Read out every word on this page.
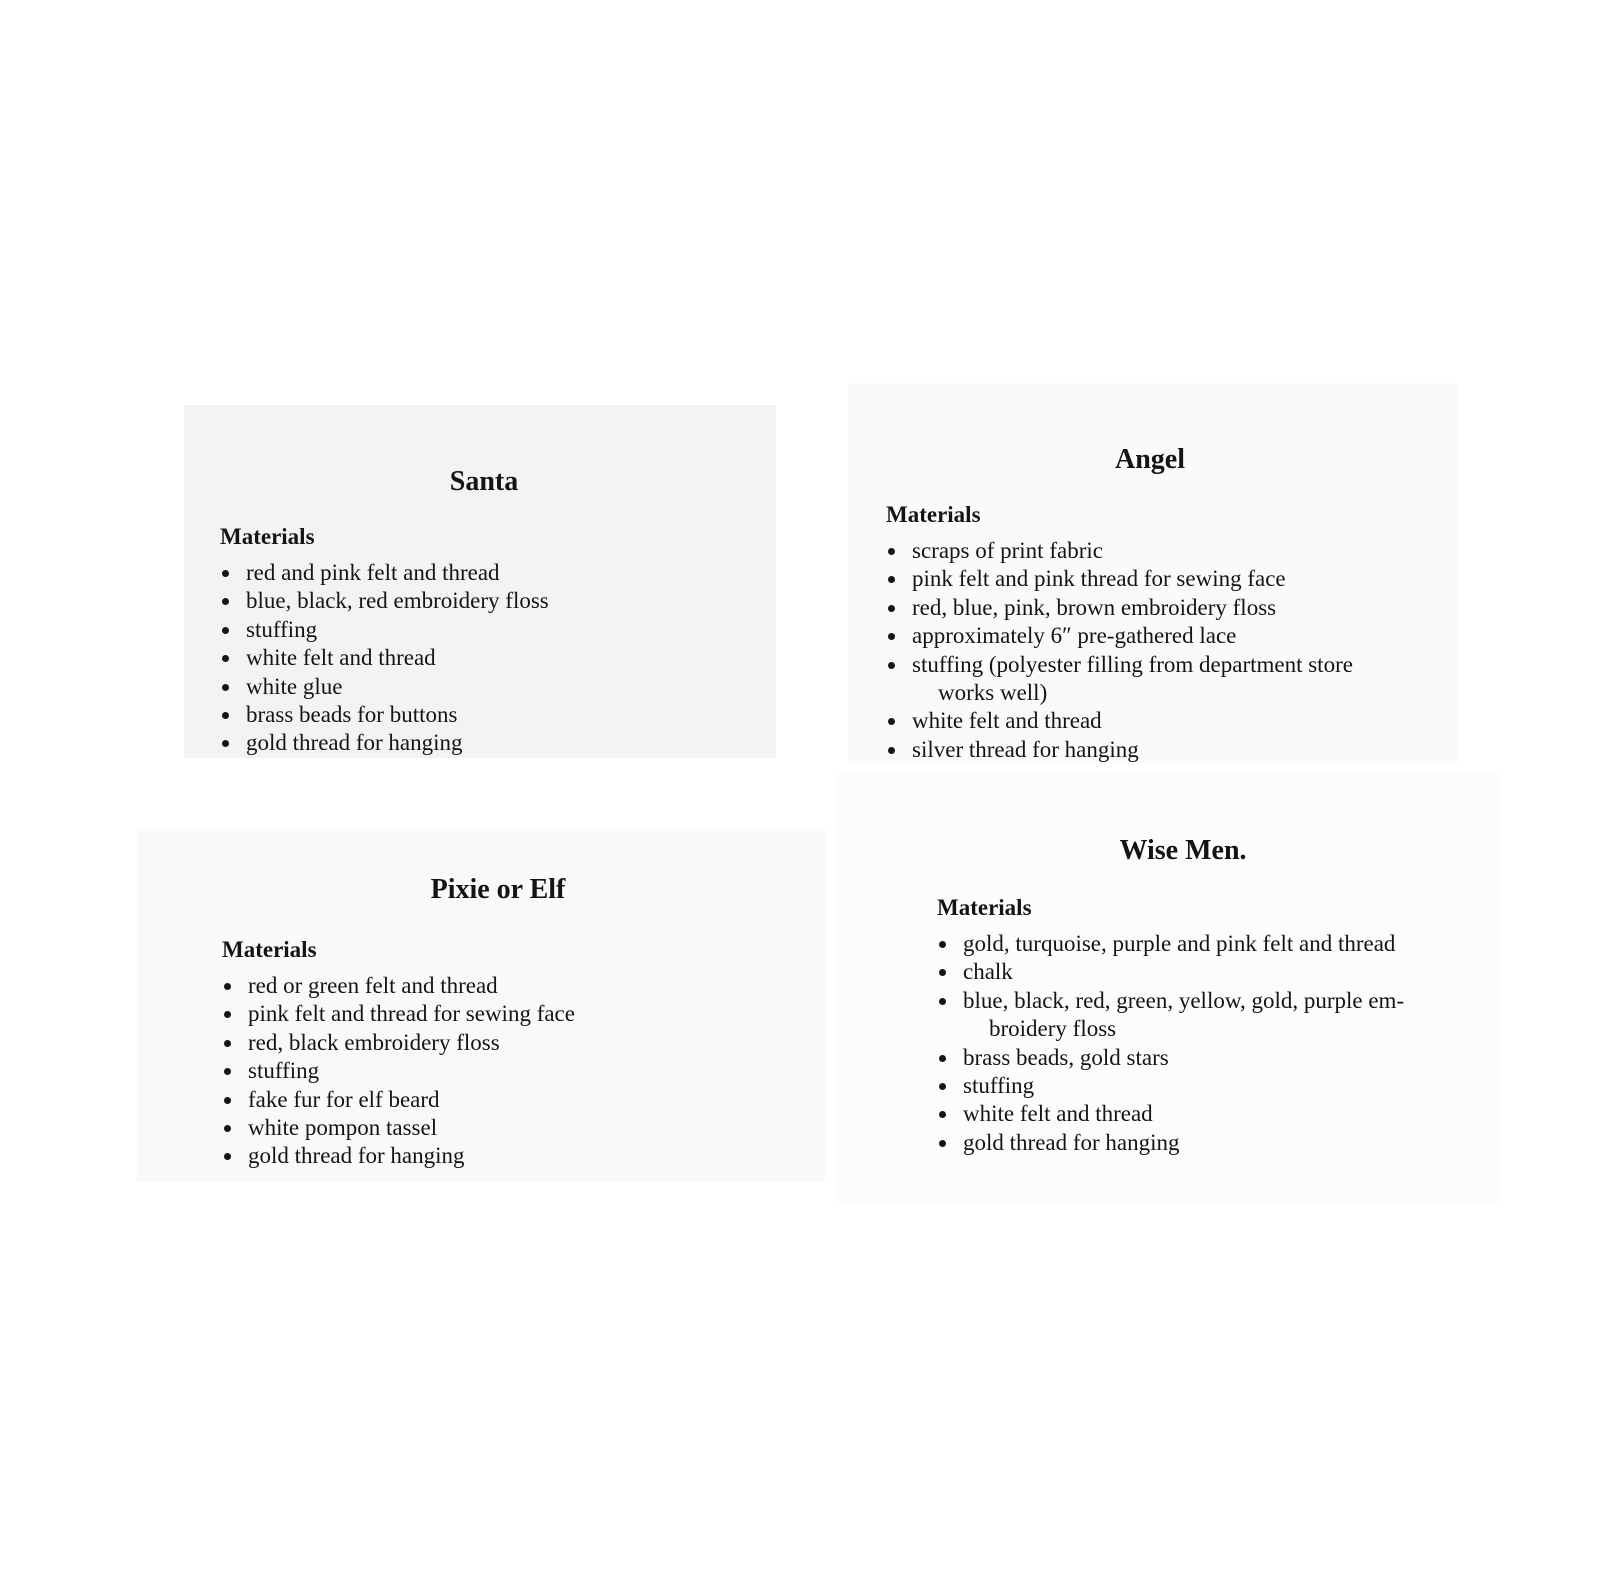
Santa
Materials
red and pink felt and thread
blue, black, red embroidery floss
stuffing
white felt and thread
white glue
brass beads for buttons
gold thread for hanging
Angel
Materials
scraps of print fabric
pink felt and pink thread for sewing face
red, blue, pink, brown embroidery floss
approximately 6″ pre-gathered lace
stuffing (polyester filling from department store
works well)
white felt and thread
silver thread for hanging
Pixie or Elf
Materials
red or green felt and thread
pink felt and thread for sewing face
red, black embroidery floss
stuffing
fake fur for elf beard
white pompon tassel
gold thread for hanging
Wise Men.
Materials
gold, turquoise, purple and pink felt and thread
chalk
blue, black, red, green, yellow, gold, purple em-
broidery floss
brass beads, gold stars
stuffing
white felt and thread
gold thread for hanging
